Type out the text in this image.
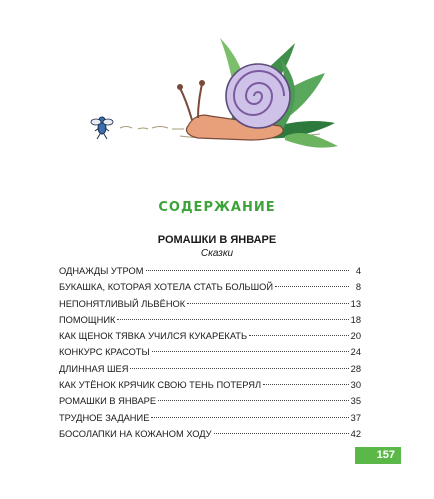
СОДЕРЖАНИЕ
РОМАШКИ В ЯНВАРЕ
Сказки
ОДНАЖДЫ УТРОМ	4
БУКАШКА, КОТОРАЯ ХОТЕЛА СТАТЬ БОЛЬШОЙ	8
НЕПОНЯТЛИВЫЙ ЛЬВЁНОК	13
ПОМОЩНИК	18
КАК ЩЕНОК ТЯВКА УЧИЛСЯ КУКАРЕКАТЬ	20
КОНКУРС КРАСОТЫ	24
ДЛИННАЯ ШЕЯ	28
КАК УТЁНОК КРЯЧИК СВОЮ ТЕНЬ ПОТЕРЯЛ	30
РОМАШКИ В ЯНВАРЕ	35
ТРУДНОЕ ЗАДАНИЕ	37
БОСОЛАПКИ НА КОЖАНОМ ХОДУ	42
157
